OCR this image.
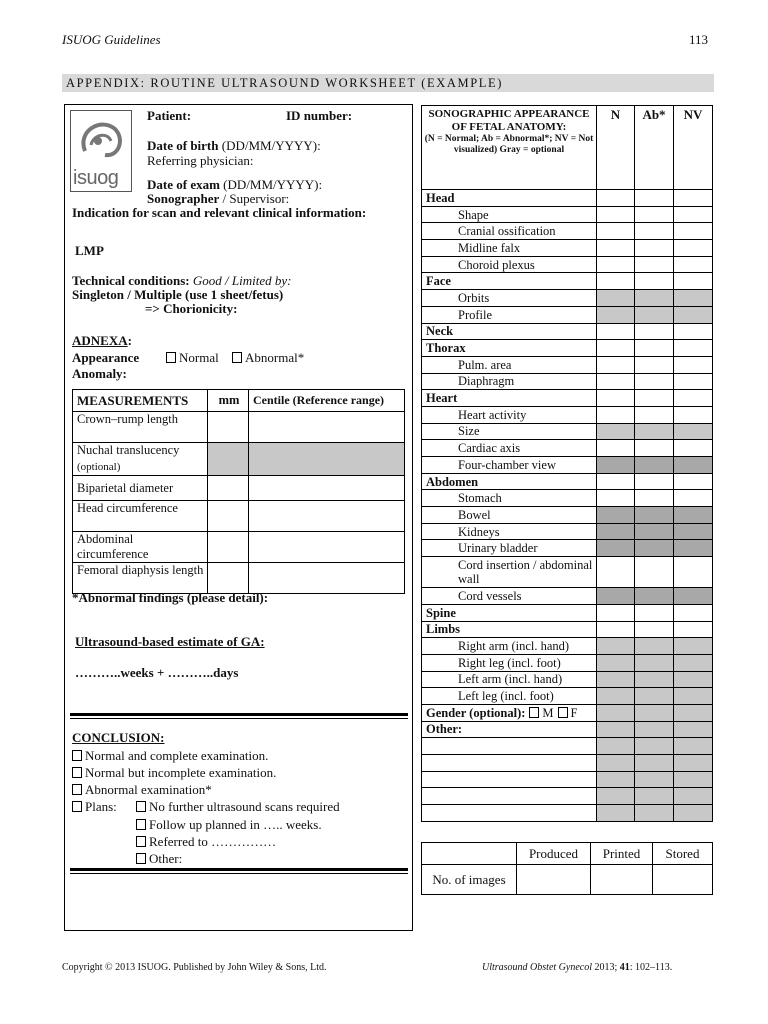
ISUOG Guidelines	113
APPENDIX: ROUTINE ULTRASOUND WORKSHEET (EXAMPLE)
isuog
Patient:	ID number:
Date of birth (DD/MM/YYYY):
Referring physician:
Date of exam (DD/MM/YYYY):
Sonographer / Supervisor:
Indication for scan and relevant clinical information:
LMP
Technical conditions: Good / Limited by:
Singleton / Multiple (use 1 sheet/fetus)
=> Chorionicity:
ADNEXA:
Appearance	Normal	Abnormal*
Anomaly:
MEASUREMENTS	mm	Centile (Reference range)
Crown–rump length		
Nuchal translucency (optional)		
Biparietal diameter		
Head circumference		
Abdominal circumference		
Femoral diaphysis length		
*Abnormal findings (please detail):
Ultrasound-based estimate of GA:
………..weeks + ………..days
CONCLUSION:
Normal and complete examination.
Normal but incomplete examination.
Abnormal examination*
Plans:	No further ultrasound scans required
Follow up planned in ….. weeks.
Referred to ……………
Other:
SONOGRAPHIC APPEARANCE OF FETAL ANATOMY:
(N = Normal; Ab = Abnormal*; NV = Not visualized) Gray = optional	N	Ab*	NV
Head			
Shape			
Cranial ossification			
Midline falx			
Choroid plexus			
Face			
Orbits			
Profile			
Neck			
Thorax			
Pulm. area			
Diaphragm			
Heart			
Heart activity			
Size			
Cardiac axis			
Four-chamber view			
Abdomen			
Stomach			
Bowel			
Kidneys			
Urinary bladder			
Cord insertion / abdominal wall			
Cord vessels			
Spine			
Limbs			
Right arm (incl. hand)			
Right leg (incl. foot)			
Left arm (incl. hand)			
Left leg (incl. foot)			
Gender (optional): M F			
Other:			

	Produced	Printed	Stored
No. of images			
Copyright © 2013 ISUOG. Published by John Wiley & Sons, Ltd.	Ultrasound Obstet Gynecol 2013; 41: 102–113.
